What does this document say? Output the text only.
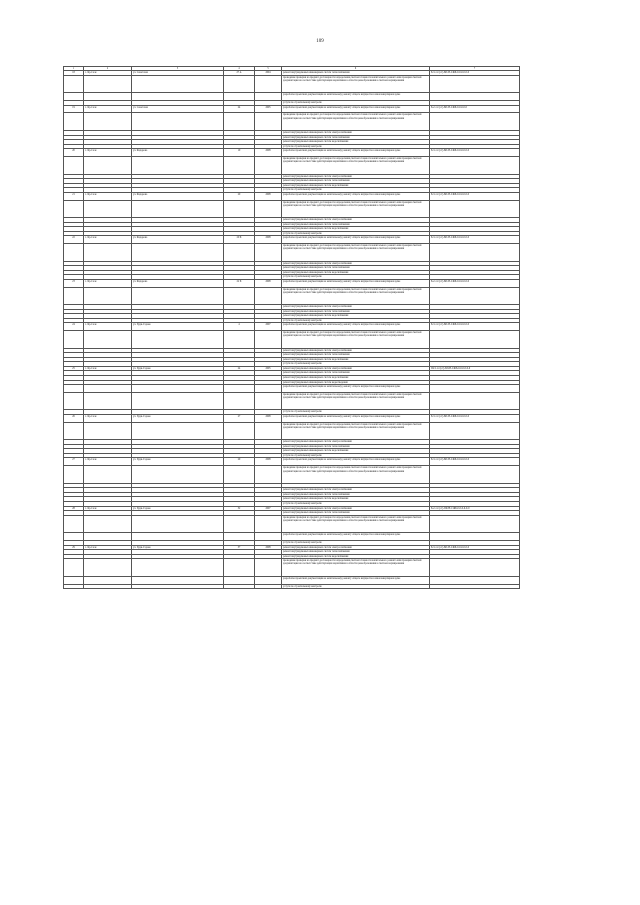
109
1	2	3	4	5	6	7
18	с. Яр-Сале	ул. Советская	27 А	2004	ремонт внутридомовых инженерных систем теплоснабжения	Б-3-1-С(ст)-БП-Н-СЖБ-0-0-0-0-0-0
					проведение проверки на предмет достоверности определения сметной стоимости капитального ремонта или проверки сметной документации на соответствие действующим нормативам в области ценообразования в сметном нормировании	
					разработка проектной документации на капитальному ремонту общего имущества в многоквартирном доме	
					услуги по строительному контролю	
19	с. Яр-Сале	ул. Советская	24	2005	разработка проектной документации на капитальному ремонту общего имущества в многоквартирном доме	Б-2-1-С(ст)-БП-Н-СЖБ-0-0-0-0-0
					проведение проверки на предмет достоверности определения сметной стоимости капитального ремонта или проверки сметной документации на соответствие действующим нормативам в области ценообразования в сметном нормировании	
					ремонт внутридомовых инженерных систем электроснабжения	
					ремонт внутридомовых инженерных систем теплоснабжения	
					ремонт внутридомовых инженерных систем водоснабжения	
					услуги по строительному контролю	
20	с. Яр-Сале	ул. Федорова	19	2008	разработка проектной документации на капитальному ремонту общего имущества в многоквартирном доме	Б-3-1-С(ст)-БП-Н-СЖБ-0-0-0-0-0-0
					проведение проверки на предмет достоверности определения сметной стоимости капитального ремонта или проверки сметной документации на соответствие действующим нормативам в области ценообразования в сметном нормировании	
					ремонт внутридомовых инженерных систем электроснабжения	
					ремонт внутридомовых инженерных систем теплоснабжения	
					ремонт внутридомовых инженерных систем водоснабжения	
					услуги по строительному контролю	
21	с. Яр-Сале	ул. Федорова	20	2008	разработка проектной документации на капитальному ремонту общего имущества в многоквартирном доме	Б-3-1-С(ст)-БП-Н-СЖБ-0-0-0-0-0-0
					проведение проверки на предмет достоверности определения сметной стоимости капитального ремонта или проверки сметной документации на соответствие действующим нормативам в области ценообразования в сметном нормировании	
					ремонт внутридомовых инженерных систем электроснабжения	
					ремонт внутридомовых инженерных систем теплоснабжения	
					ремонт внутридомовых инженерных систем водоснабжения	
					услуги по строительному контролю	
22	с. Яр-Сале	ул. Федорова	20 Б	2008	разработка проектной документации на капитальному ремонту общего имущества в многоквартирном доме	Б-3-1-С(ст)-БП-Н-СЖБ-0-0-0-0-0-0
					проведение проверки на предмет достоверности определения сметной стоимости капитального ремонта или проверки сметной документации на соответствие действующим нормативам в области ценообразования в сметном нормировании	
					ремонт внутридомовых инженерных систем электроснабжения	
					ремонт внутридомовых инженерных систем теплоснабжения	
					ремонт внутридомовых инженерных систем водоснабжения	
					услуги по строительному контролю	
23	с. Яр-Сале	ул. Федорова	22 Б	2008	разработка проектной документации на капитальному ремонту общего имущества в многоквартирном доме	Б-2-1-С(ст)-БП-Н-СЖБ-0-0-0-0-0-0
					проведение проверки на предмет достоверности определения сметной стоимости капитального ремонта или проверки сметной документации на соответствие действующим нормативам в области ценообразования в сметном нормировании	
					ремонт внутридомовых инженерных систем электроснабжения	
					ремонт внутридомовых инженерных систем теплоснабжения	
					ремонт внутридомовых инженерных систем водоснабжения	
					услуги по строительному контролю	
24	с. Яр-Сале	ул. Худи-Сэроко	4	2007	разработка проектной документации на капитальному ремонту общего имущества в многоквартирном доме	Б-3-1-С(ст)-БП-Н-СЖБ-0-0-0-0-0-0
					проведение проверки на предмет достоверности определения сметной стоимости капитального ремонта или проверки сметной документации на соответствие действующим нормативам в области ценообразования в сметном нормировании	
					ремонт внутридомовых инженерных систем электроснабжения	
					ремонт внутридомовых инженерных систем теплоснабжения	
					ремонт внутридомовых инженерных систем водоснабжения	
					услуги по строительному контролю	
25	с. Яр-Сале	ул. Худи-Сэроко	24	2005	ремонт внутридомовых инженерных систем электроснабжения	III-3-1-С(ст)-БП-Н-СЖБ-0-0-0-0-0-0
					ремонт внутридомовых инженерных систем теплоснабжения	
					ремонт внутридомовых инженерных систем водоснабжения	
					ремонт внутридомовых инженерных систем водоотведения	
					разработка проектной документации на капитальному ремонту общего имущества в многоквартирном доме	
					проведение проверки на предмет достоверности определения сметной стоимости капитального ремонта или проверки сметной документации на соответствие действующим нормативам в области ценообразования в сметном нормировании	
					услуги по строительному контролю	
26	с. Яр-Сале	ул. Худи-Сэроко	27	2008	разработка проектной документации на капитальному ремонту общего имущества в многоквартирном доме	Б-3-1-С(ст)-БП-Н-СЖБ-0-0-0-0-0-0
					проведение проверки на предмет достоверности определения сметной стоимости капитального ремонта или проверки сметной документации на соответствие действующим нормативам в области ценообразования в сметном нормировании	
					ремонт внутридомовых инженерных систем электроснабжения	
					ремонт внутридомовых инженерных систем теплоснабжения	
					ремонт внутридомовых инженерных систем водоснабжения	
					услуги по строительному контролю	
27	с. Яр-Сале	ул. Худи-Сэроко	29	2008	разработка проектной документации на капитальному ремонту общего имущества в многоквартирном доме	Б-3-1-С(ст)-БП-Н-СЖБ-0-0-0-0-0-0
					проведение проверки на предмет достоверности определения сметной стоимости капитального ремонта или проверки сметной документации на соответствие действующим нормативам в области ценообразования в сметном нормировании	

					ремонт внутридомовых инженерных систем электроснабжения	
					ремонт внутридомовых инженерных систем теплоснабжения	
					ремонт внутридомовых инженерных систем водоснабжения	
					услуги по строительному контролю	
28	с. Яр-Сале	ул. Худи-Сэроко	32	2007	ремонт внутридомовых инженерных систем электроснабжения	Б-2-1-С(ст)-ПК3Е-СЖБ-0-0-0-0-0-0
					ремонт внутридомовых инженерных систем теплоснабжения	
					проведение проверки на предмет достоверности определения сметной стоимости капитального ремонта или проверки сметной документации на соответствие действующим нормативам в области ценообразования в сметном нормировании	
					разработка проектной документации на капитальному ремонту общего имущества в многоквартирном доме	
					услуги по строительному контролю	
29	с. Яр-Сале	ул. Худи-Сэроко	37	2008	ремонт внутридомовых инженерных систем электроснабжения	Б-3-1-С(ст)-БП-Н-СЖБ-0-0-0-0-0-0
					ремонт внутридомовых инженерных систем теплоснабжения	
					ремонт внутридомовых инженерных систем водоснабжения	
					проведение проверки на предмет достоверности определения сметной стоимости капитального ремонта или проверки сметной документации на соответствие действующим нормативам в области ценообразования в сметном нормировании	
					разработка проектной документации на капитальному ремонту общего имущества в многоквартирном доме	
					услуги по строительному контролю	
